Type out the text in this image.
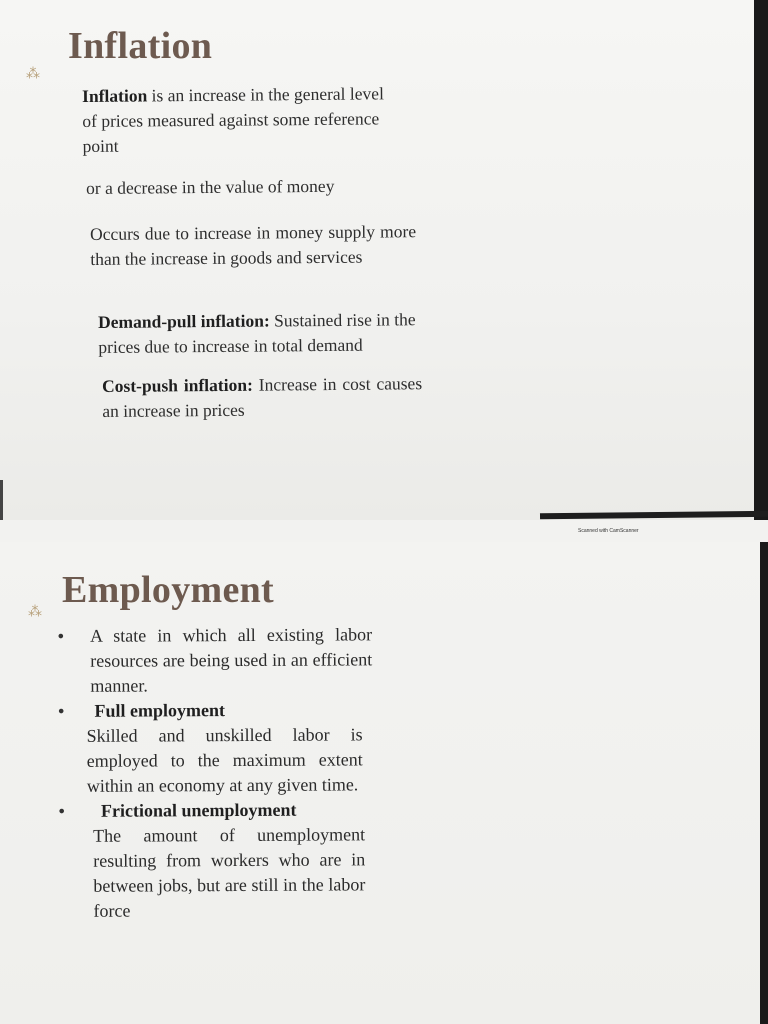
Inflation
⁂
Inflation is an increase in the general level of prices measured against some reference point
or a decrease in the value of money
Occurs due to increase in money supply more than the increase in goods and services
Demand-pull inflation: Sustained rise in the prices due to increase in total demand
Cost-push inflation: Increase in cost causes an increase in prices
Scanned with CamScanner
Employment
⁂
• A state in which all existing labor resources are being used in an efficient manner.
• Full employment
Skilled and unskilled labor is employed to the maximum extent within an economy at any given time.
• Frictional unemployment
The amount of unemployment resulting from workers who are in between jobs, but are still in the labor force
